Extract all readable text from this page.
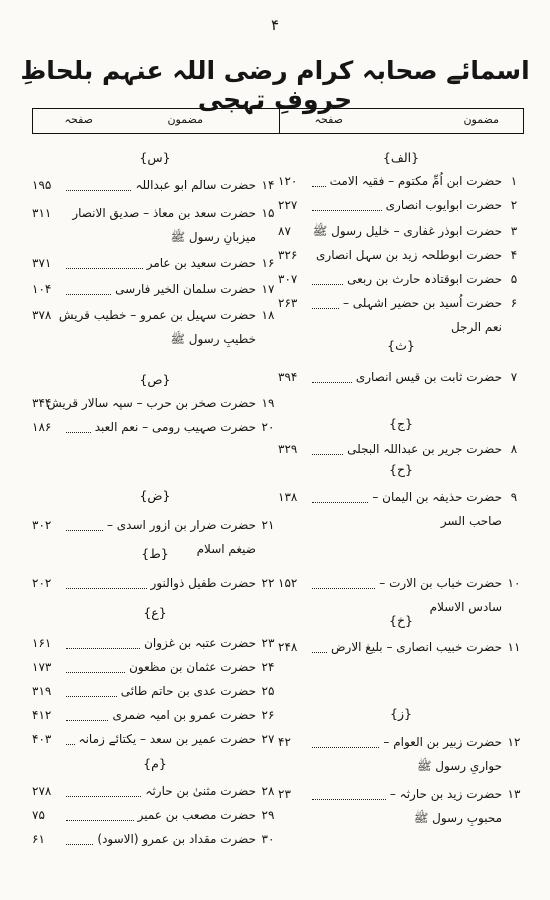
۴
اسمائے صحابہ کرام رضی اللہ عنہم بلحاظِ حروفِ تہجی
مضمون
صفحہ
مضمون
صفحہ
{الف}
{ث}
{ج}
{ح}
{خ}
{ز}
۱
حضرت ابن اُمِّ مکتوم – فقیہ الامت
۱۲۰
۲
حضرت ابوایوب انصاری
۲۲۷
۳
حضرت ابوذر غفاری – خلیل رسول ﷺ
۸۷
۴
حضرت ابوطلحہ زید بن سہل انصاری
۳۲۶
۵
حضرت ابوقتادہ حارث بن ربعی
۳۰۷
۶
حضرت اُسید بن حضیر اشہلی –
۲۶۳
نعم الرجل
۷
حضرت ثابت بن قیس انصاری
۳۹۴
۸
حضرت جریر بن عبداللہ البجلی
۳۲۹
۹
حضرت حذیفہ بن الیمان –
۱۳۸
صاحب السر
۱۰
حضرت خباب بن الارت –
۱۵۲
سادس الاسلام
۱۱
حضرت خبیب انصاری – بلیغ الارض
۲۴۸
۱۲
حضرت زبیر بن العوام –
۴۲
حواریِ رسول ﷺ
۱۳
حضرت زید بن حارثہ –
۲۳
محبوبِ رسول ﷺ
{س}
{ص}
{ض}
{ط}
{ع}
{م}
۱۴
حضرت سالم ابو عبداللہ
۱۹۵
۱۵
حضرت سعد بن معاذ – صدیق الانصار
۳۱۱
میزبانِ رسول ﷺ
۱۶
حضرت سعید بن عامر
۳۷۱
۱۷
حضرت سلمان الخیر فارسی
۱۰۴
۱۸
حضرت سہیل بن عمرو – خطیب قریش
۳۷۸
خطیبِ رسول ﷺ
۱۹
حضرت صخر بن حرب – سپہ سالار قریش
۳۴۴
۲۰
حضرت صہیب رومی – نعم العبد
۱۸۶
۲۱
حضرت ضرار بن ازور اسدی –
۳۰۲
ضیغم اسلام
۲۲
حضرت طفیل ذوالنور
۲۰۲
۲۳
حضرت عتبہ بن غزوان
۱۶۱
۲۴
حضرت عثمان بن مظعون
۱۷۳
۲۵
حضرت عدی بن حاتم طائی
۳۱۹
۲۶
حضرت عمرو بن امیہ ضمری
۴۱۲
۲۷
حضرت عمیر بن سعد – یکتائے زمانہ
۴۰۳
۲۸
حضرت مثنیٰ بن حارثہ
۲۷۸
۲۹
حضرت مصعب بن عمیر
۷۵
۳۰
حضرت مقداد بن عمرو (الاسود)
۶۱
